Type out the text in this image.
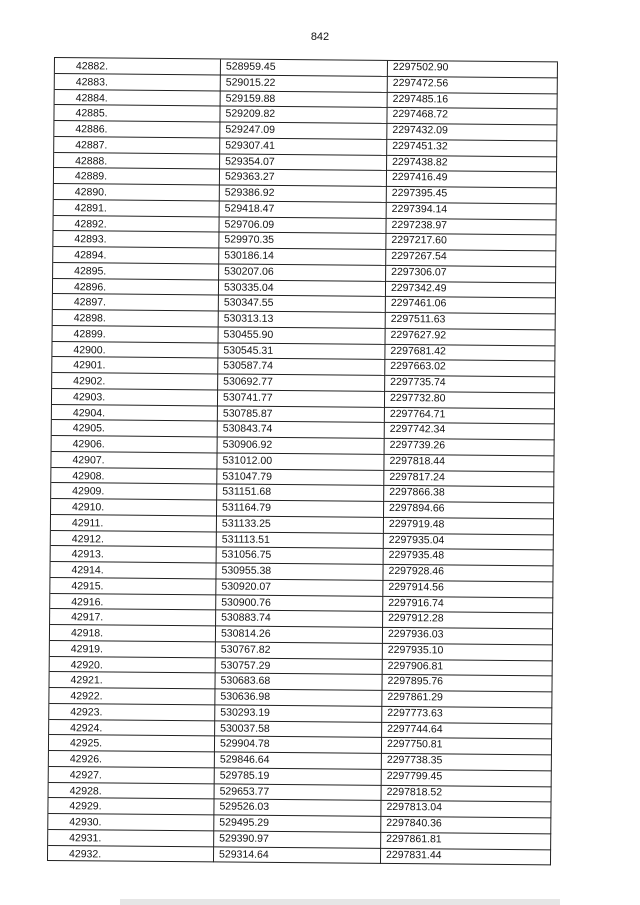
842
42882.	528959.45	2297502.90
42883.	529015.22	2297472.56
42884.	529159.88	2297485.16
42885.	529209.82	2297468.72
42886.	529247.09	2297432.09
42887.	529307.41	2297451.32
42888.	529354.07	2297438.82
42889.	529363.27	2297416.49
42890.	529386.92	2297395.45
42891.	529418.47	2297394.14
42892.	529706.09	2297238.97
42893.	529970.35	2297217.60
42894.	530186.14	2297267.54
42895.	530207.06	2297306.07
42896.	530335.04	2297342.49
42897.	530347.55	2297461.06
42898.	530313.13	2297511.63
42899.	530455.90	2297627.92
42900.	530545.31	2297681.42
42901.	530587.74	2297663.02
42902.	530692.77	2297735.74
42903.	530741.77	2297732.80
42904.	530785.87	2297764.71
42905.	530843.74	2297742.34
42906.	530906.92	2297739.26
42907.	531012.00	2297818.44
42908.	531047.79	2297817.24
42909.	531151.68	2297866.38
42910.	531164.79	2297894.66
42911.	531133.25	2297919.48
42912.	531113.51	2297935.04
42913.	531056.75	2297935.48
42914.	530955.38	2297928.46
42915.	530920.07	2297914.56
42916.	530900.76	2297916.74
42917.	530883.74	2297912.28
42918.	530814.26	2297936.03
42919.	530767.82	2297935.10
42920.	530757.29	2297906.81
42921.	530683.68	2297895.76
42922.	530636.98	2297861.29
42923.	530293.19	2297773.63
42924.	530037.58	2297744.64
42925.	529904.78	2297750.81
42926.	529846.64	2297738.35
42927.	529785.19	2297799.45
42928.	529653.77	2297818.52
42929.	529526.03	2297813.04
42930.	529495.29	2297840.36
42931.	529390.97	2297861.81
42932.	529314.64	2297831.44
